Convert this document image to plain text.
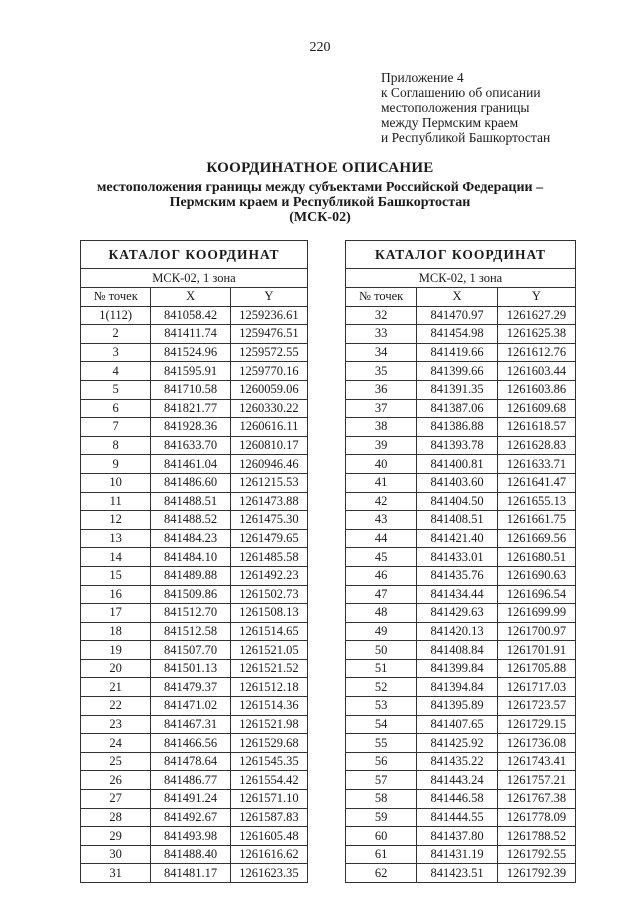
220
Приложение 4
к Соглашению об описании
местоположения границы
между Пермским краем
и Республикой Башкортостан
КООРДИНАТНОЕ ОПИСАНИЕ
местоположения границы между субъектами Российской Федерации –
Пермским краем и Республикой Башкортостан
(МСК-02)
КАТАЛОГ КООРДИНАТ		
МСК-02, 1 зона		
№ точек	X	Y
1(112)	841058.42	1259236.61
2	841411.74	1259476.51
3	841524.96	1259572.55
4	841595.91	1259770.16
5	841710.58	1260059.06
6	841821.77	1260330.22
7	841928.36	1260616.11
8	841633.70	1260810.17
9	841461.04	1260946.46
10	841486.60	1261215.53
11	841488.51	1261473.88
12	841488.52	1261475.30
13	841484.23	1261479.65
14	841484.10	1261485.58
15	841489.88	1261492.23
16	841509.86	1261502.73
17	841512.70	1261508.13
18	841512.58	1261514.65
19	841507.70	1261521.05
20	841501.13	1261521.52
21	841479.37	1261512.18
22	841471.02	1261514.36
23	841467.31	1261521.98
24	841466.56	1261529.68
25	841478.64	1261545.35
26	841486.77	1261554.42
27	841491.24	1261571.10
28	841492.67	1261587.83
29	841493.98	1261605.48
30	841488.40	1261616.62
31	841481.17	1261623.35
КАТАЛОГ КООРДИНАТ		
МСК-02, 1 зона		
№ точек	X	Y
32	841470.97	1261627.29
33	841454.98	1261625.38
34	841419.66	1261612.76
35	841399.66	1261603.44
36	841391.35	1261603.86
37	841387.06	1261609.68
38	841386.88	1261618.57
39	841393.78	1261628.83
40	841400.81	1261633.71
41	841403.60	1261641.47
42	841404.50	1261655.13
43	841408.51	1261661.75
44	841421.40	1261669.56
45	841433.01	1261680.51
46	841435.76	1261690.63
47	841434.44	1261696.54
48	841429.63	1261699.99
49	841420.13	1261700.97
50	841408.84	1261701.91
51	841399.84	1261705.88
52	841394.84	1261717.03
53	841395.89	1261723.57
54	841407.65	1261729.15
55	841425.92	1261736.08
56	841435.22	1261743.41
57	841443.24	1261757.21
58	841446.58	1261767.38
59	841444.55	1261778.09
60	841437.80	1261788.52
61	841431.19	1261792.55
62	841423.51	1261792.39
